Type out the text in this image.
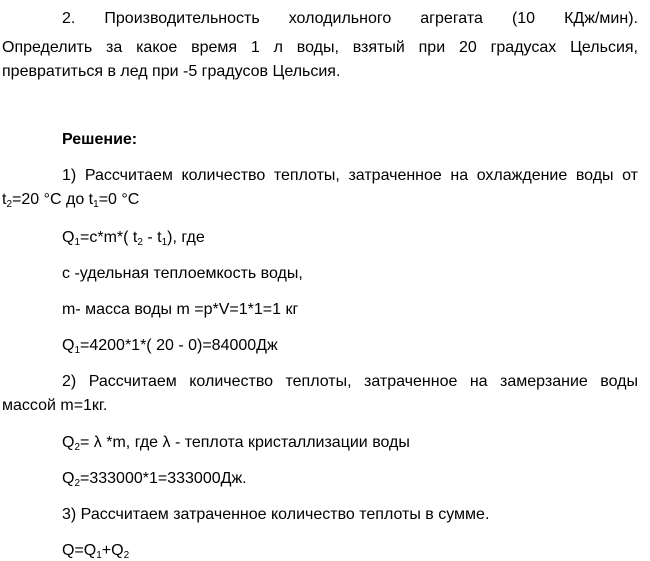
2. Производительность холодильного агрегата (10 КДж/мин).
Определить за какое время 1 л воды, взятый при 20 градусах Цельсия,
превратиться в лед при -5 градусов Цельсия.
Решение:
1) Рассчитаем количество теплоты, затраченное на охлаждение воды от
$t_2=20$ °C до $t_1=0$ °C
$Q_1=c*m*$( $t_2 - t_1$), где
c -удельная теплоемкость воды,
m- масса воды m =p*V=1*1=1 кг
$Q_1=4200*1*$( 20 - 0)=84000Дж
2) Рассчитаем количество теплоты, затраченное на замерзание воды
массой m=1кг.
$Q_2= \lambda$ *m, где λ - теплота кристаллизации воды
$Q_2=333000*1=333000Дж$.
3) Рассчитаем затраченное количество теплоты в сумме.
$Q=Q_1+Q_2$
